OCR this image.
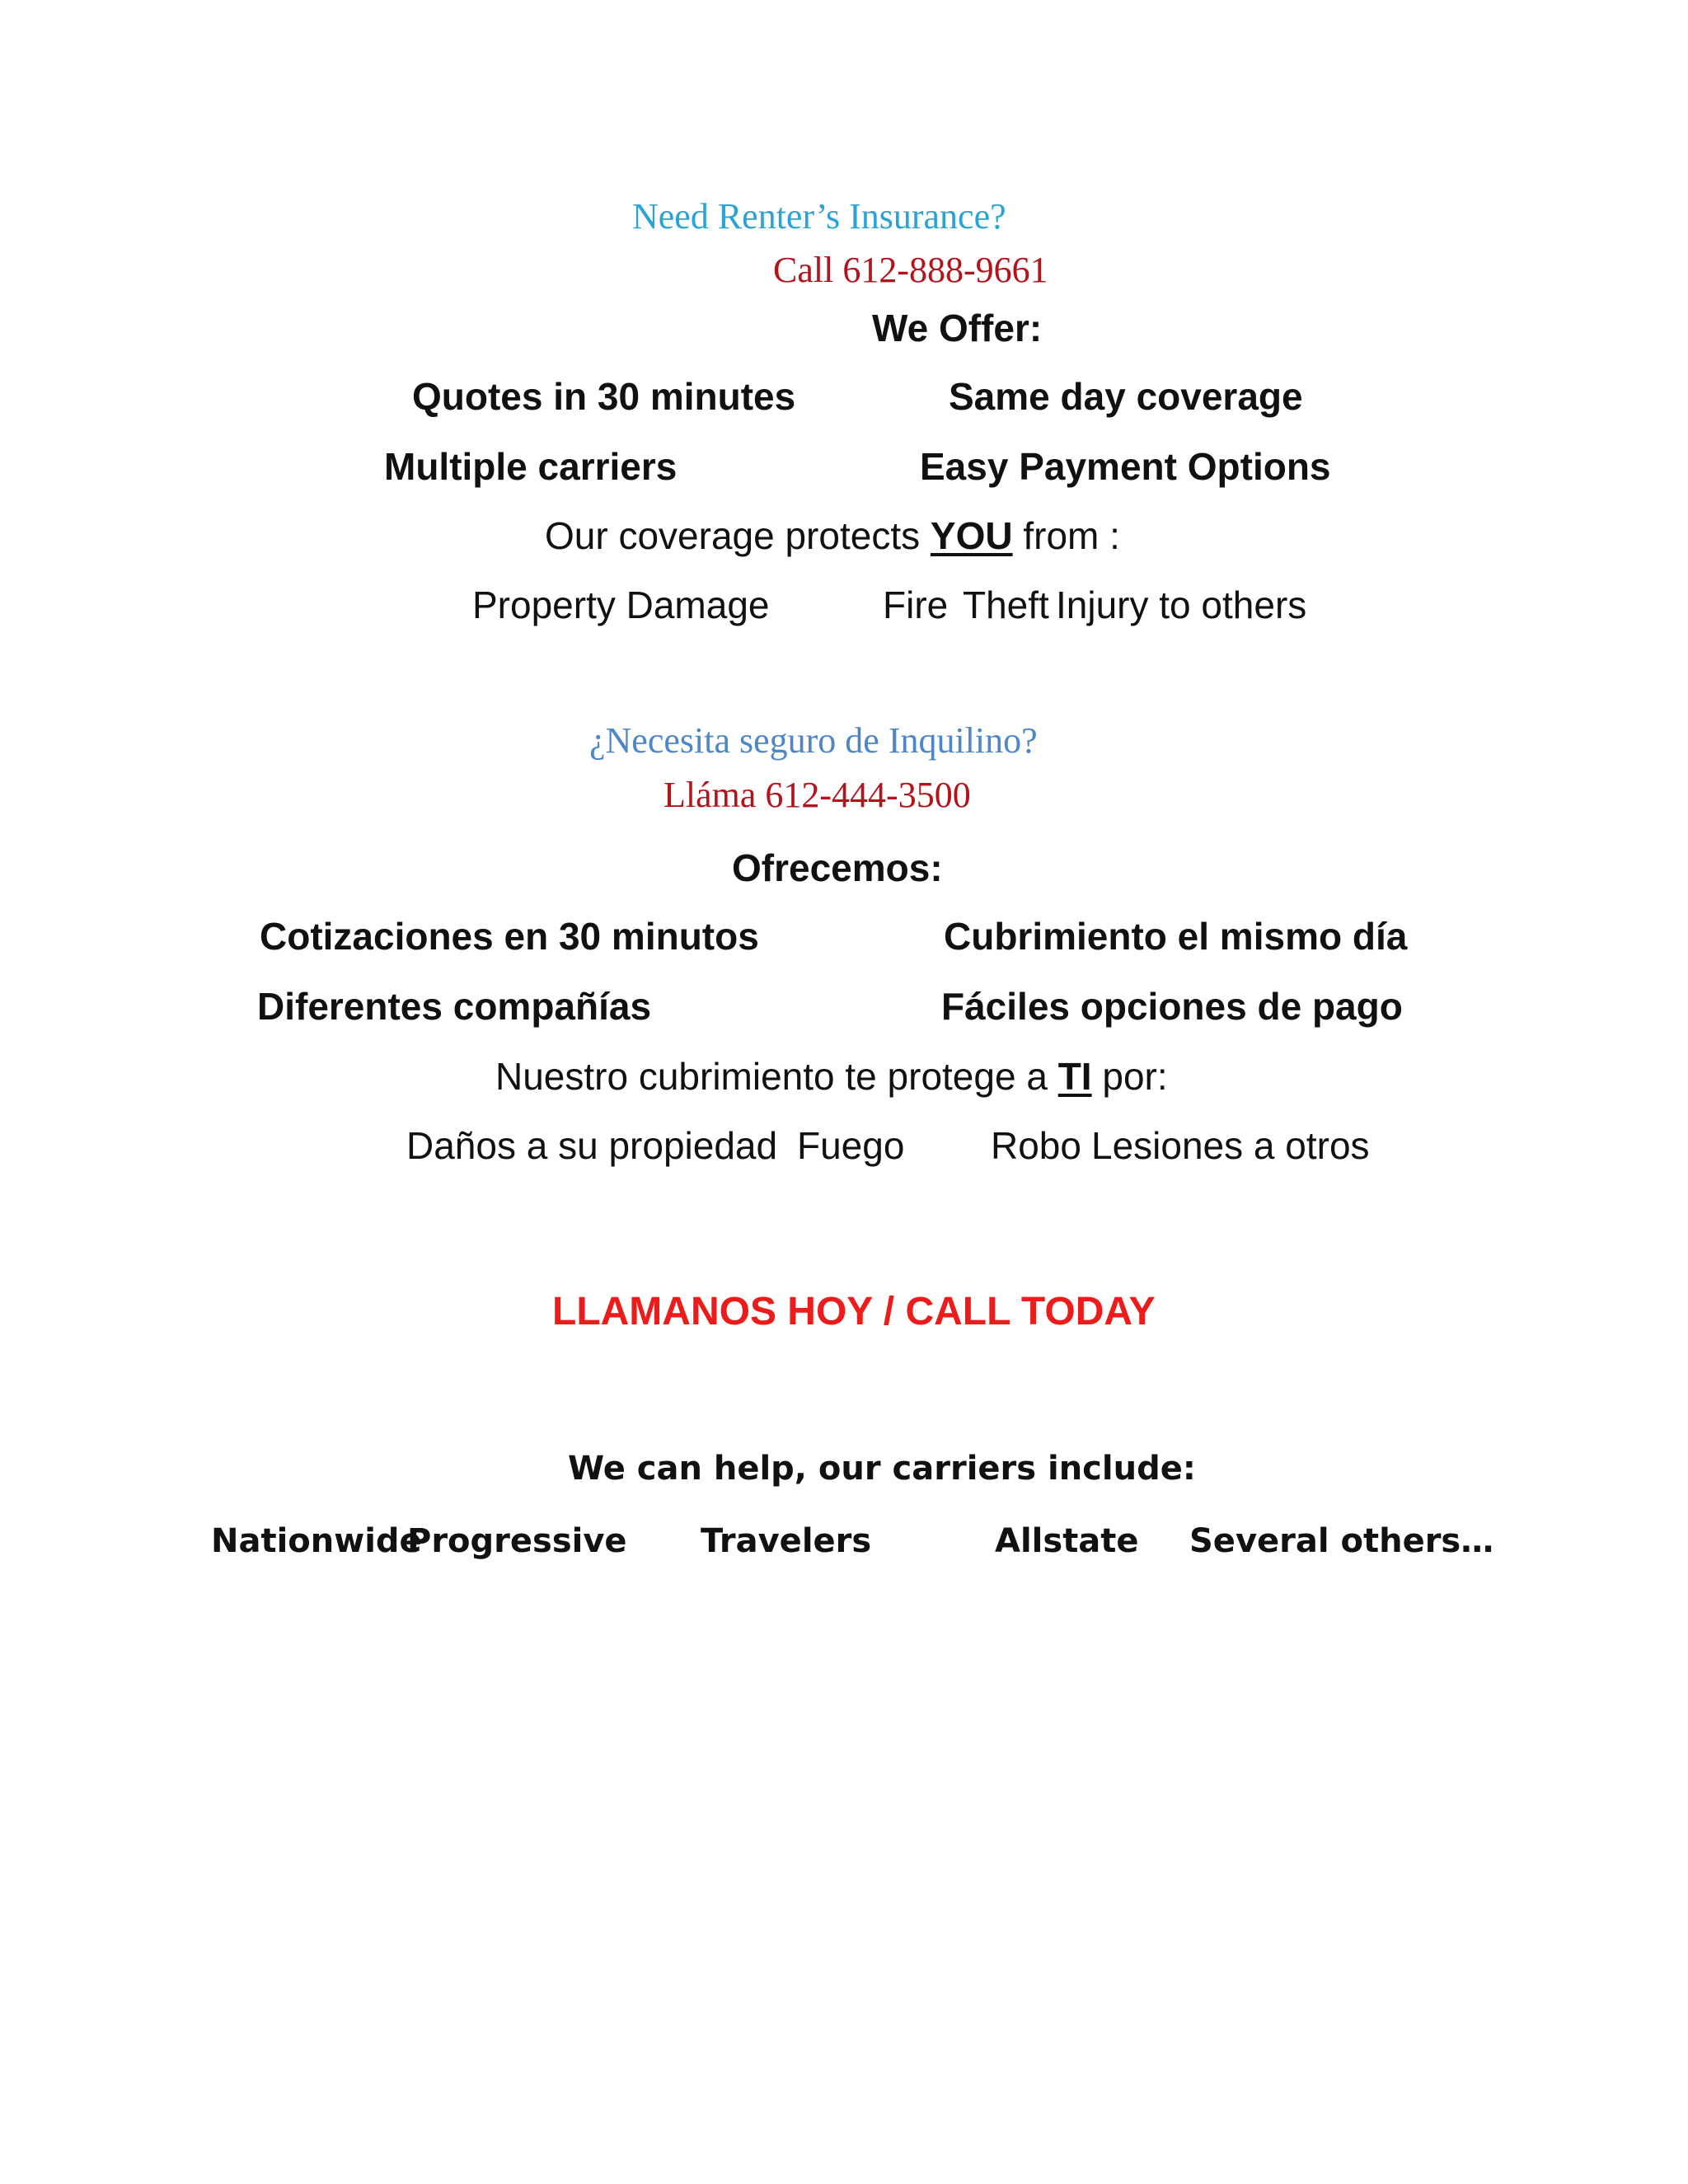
Need Renter’s Insurance?
Call 612-888-9661
We Offer:
Quotes in 30 minutes	Same day coverage
Multiple carriers	Easy Payment Options
Our coverage protects YOU from :
Property Damage	Fire Theft Injury to others
¿Necesita seguro de Inquilino?
Lláma 612-444-3500
Ofrecemos:
Cotizaciones en 30 minutos	Cubrimiento el mismo día
Diferentes compañías	Fáciles opciones de pago
Nuestro cubrimiento te protege a TI por:
Daños a su propiedad Fuego Robo Lesiones a otros
LLAMANOS HOY / CALL TODAY
We can help, our carriers include:
Nationwide
Progressive Travelers	Allstate Several others…
